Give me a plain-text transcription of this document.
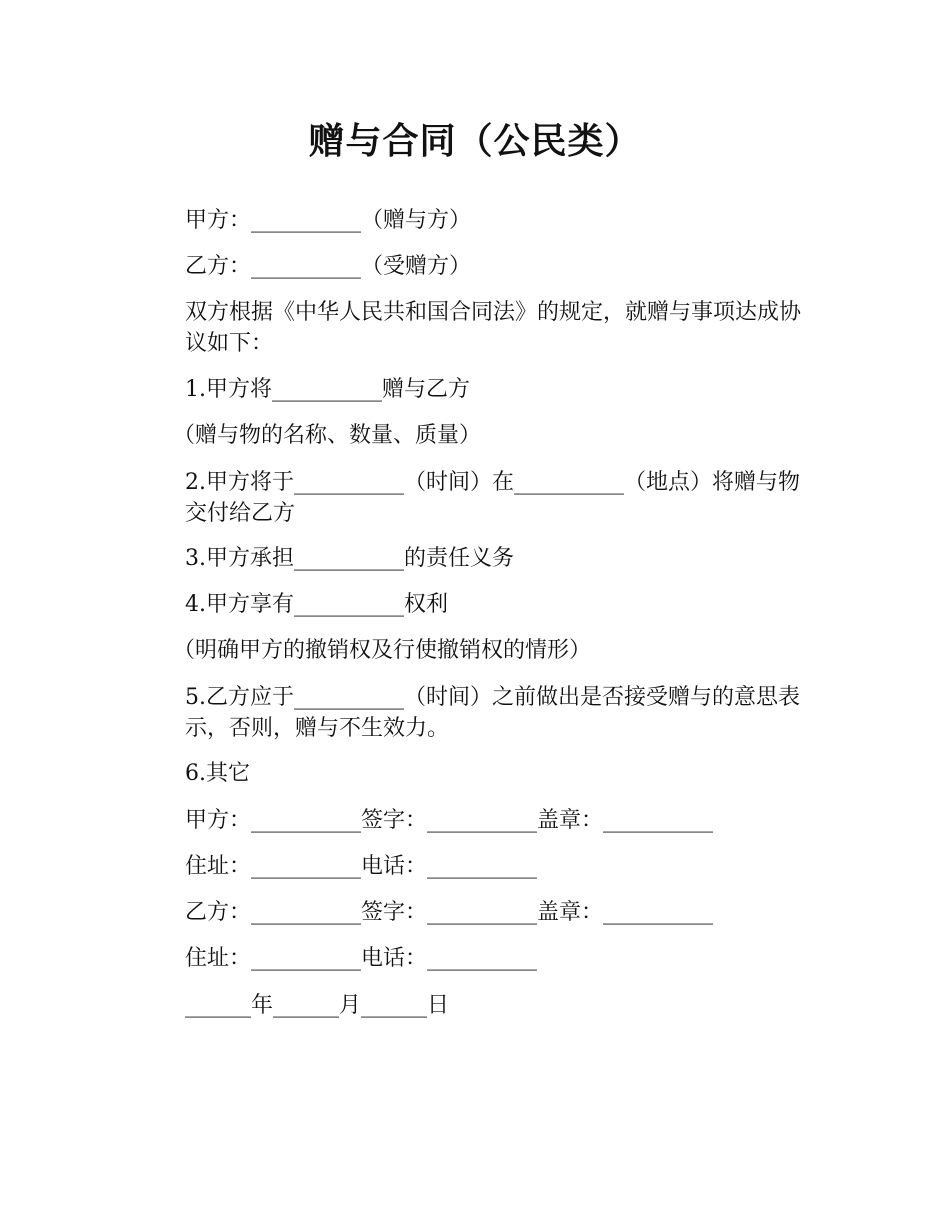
赠与合同（公民类）

甲方：__________（赠与方）

乙方：__________（受赠方）

双方根据《中华人民共和国合同法》的规定，就赠与事项达成协议如下：

1.甲方将__________赠与乙方

（赠与物的名称、数量、质量）

2.甲方将于__________（时间）在__________（地点）将赠与物交付给乙方

3.甲方承担__________的责任义务

4.甲方享有__________权利

（明确甲方的撤销权及行使撤销权的情形）

5.乙方应于__________（时间）之前做出是否接受赠与的意思表示，否则，赠与不生效力。

6.其它

甲方：__________签字：__________盖章：__________

住址：__________电话：__________

乙方：__________签字：__________盖章：__________

住址：__________电话：__________

______年______月______日
